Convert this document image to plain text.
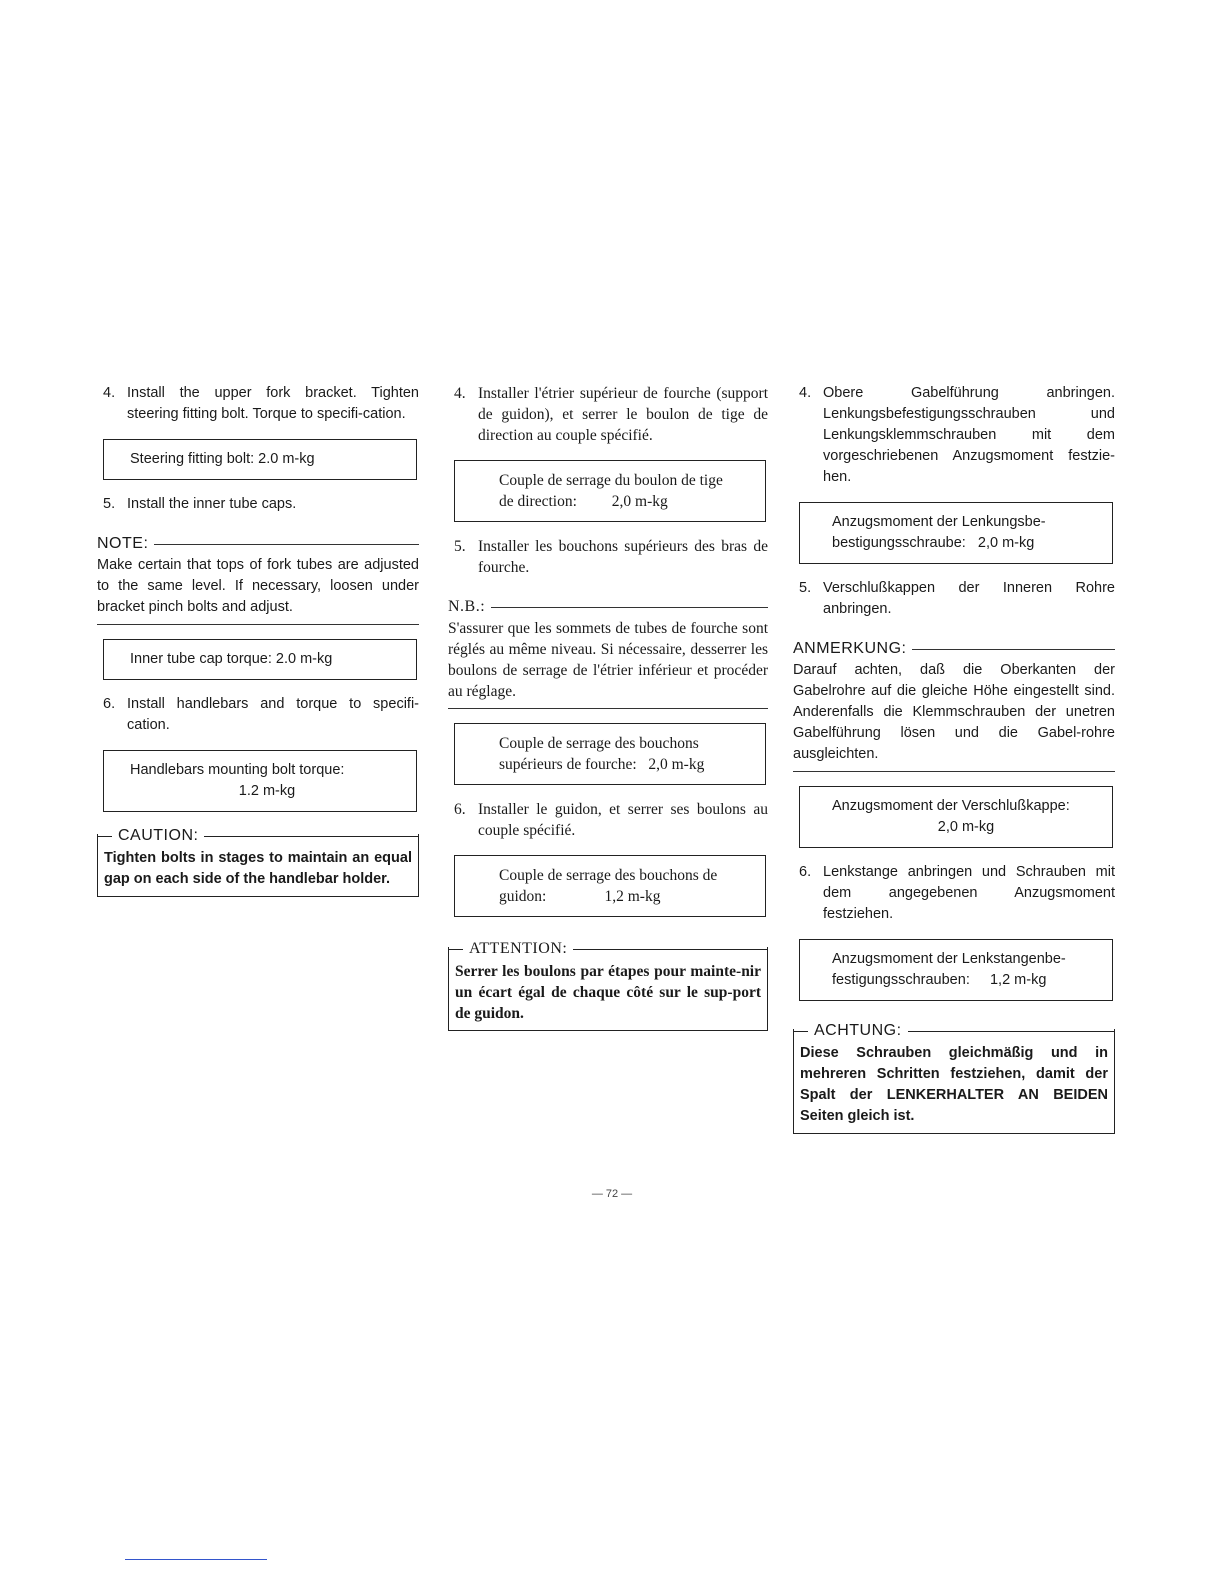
4. Install the upper fork bracket. Tighten steering fitting bolt. Torque to specifi-cation.
Steering fitting bolt: 2.0 m-kg
5. Install the inner tube caps.
NOTE:
Make certain that tops of fork tubes are adjusted to the same level. If necessary, loosen under bracket pinch bolts and adjust.
Inner tube cap torque: 2.0 m-kg
6. Install handlebars and torque to specifi-cation.
Handlebars mounting bolt torque:
1.2 m-kg
CAUTION:
Tighten bolts in stages to maintain an equal gap on each side of the handlebar holder.
4. Installer l'étrier supérieur de fourche (support de guidon), et serrer le boulon de tige de direction au couple spécifié.
Couple de serrage du boulon de tige
de direction:         2,0 m-kg
5. Installer les bouchons supérieurs des bras de fourche.
N.B.:
S'assurer que les sommets de tubes de fourche sont réglés au même niveau. Si nécessaire, desserrer les boulons de serrage de l'étrier inférieur et procéder au réglage.
Couple de serrage des bouchons
supérieurs de fourche:   2,0 m-kg
6. Installer le guidon, et serrer ses boulons au couple spécifié.
Couple de serrage des bouchons de
guidon:               1,2 m-kg
ATTENTION:
Serrer les boulons par étapes pour mainte-nir un écart égal de chaque côté sur le sup-port de guidon.
4. Obere Gabelführung anbringen. Lenkungsbefestigungsschrauben und Lenkungsklemmschrauben mit dem vorgeschriebenen Anzugsmoment festzie-hen.
Anzugsmoment der Lenkungsbe-
bestigungsschraube:   2,0 m-kg
5. Verschlußkappen der Inneren Rohre anbringen.
ANMERKUNG:
Darauf achten, daß die Oberkanten der Gabelrohre auf die gleiche Höhe eingestellt sind. Anderenfalls die Klemmschrauben der unetren Gabelführung lösen und die Gabel-rohre ausgleichten.
Anzugsmoment der Verschlußkappe:
2,0 m-kg
6. Lenkstange anbringen und Schrauben mit dem angegebenen Anzugsmoment festziehen.
Anzugsmoment der Lenkstangenbe-
festigungsschrauben:     1,2 m-kg
ACHTUNG:
Diese Schrauben gleichmäßig und in mehreren Schritten festziehen, damit der Spalt der LENKERHALTER AN BEIDEN Seiten gleich ist.
— 72 —
